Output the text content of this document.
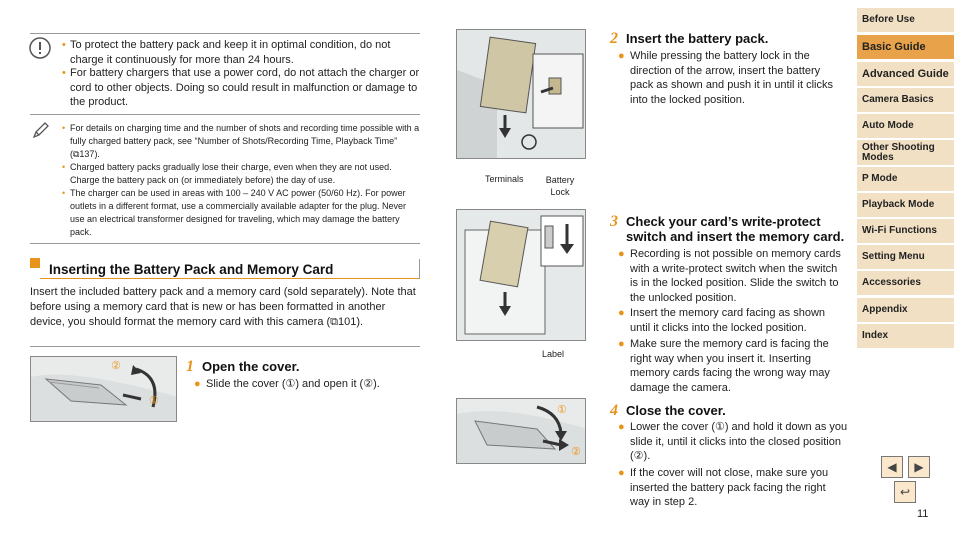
• To protect the battery pack and keep it in optimal condition, do not charge it continuously for more than 24 hours.
• For battery chargers that use a power cord, do not attach the charger or cord to other objects. Doing so could result in malfunction or damage to the product.
• For details on charging time and the number of shots and recording time possible with a fully charged battery pack, see “Number of Shots/Recording Time, Playback Time” (⧉137).
• Charged battery packs gradually lose their charge, even when they are not used. Charge the battery pack on (or immediately before) the day of use.
• The charger can be used in areas with 100 – 240 V AC power (50/60 Hz). For power outlets in a different format, use a commercially available adapter for the plug. Never use an electrical transformer designed for traveling, which may damage the battery pack.
Inserting the Battery Pack and Memory Card
Insert the included battery pack and a memory card (sold separately). Note that before using a memory card that is new or has been formatted in another device, you should format the memory card with this camera (⧉101).
②
①
1 Open the cover.
● Slide the cover (①) and open it (②).
Terminals	Battery
Lock
2 Insert the battery pack.
● While pressing the battery lock in the direction of the arrow, insert the battery pack as shown and push it in until it clicks into the locked position.
Label
3 Check your card’s write-protect switch and insert the memory card.
● Recording is not possible on memory cards with a write-protect switch when the switch is in the locked position. Slide the switch to the unlocked position.
● Insert the memory card facing as shown until it clicks into the locked position.
● Make sure the memory card is facing the right way when you insert it. Inserting memory cards facing the wrong way may damage the camera.
①
②
4 Close the cover.
● Lower the cover (①) and hold it down as you slide it, until it clicks into the closed position (②).
● If the cover will not close, make sure you inserted the battery pack facing the right way in step 2.
Before Use
Basic Guide
Advanced Guide
Camera Basics
Auto Mode
Other Shooting Modes
P Mode
Playback Mode
Wi-Fi Functions
Setting Menu
Accessories
Appendix
Index
◀ ▶
↩
11
